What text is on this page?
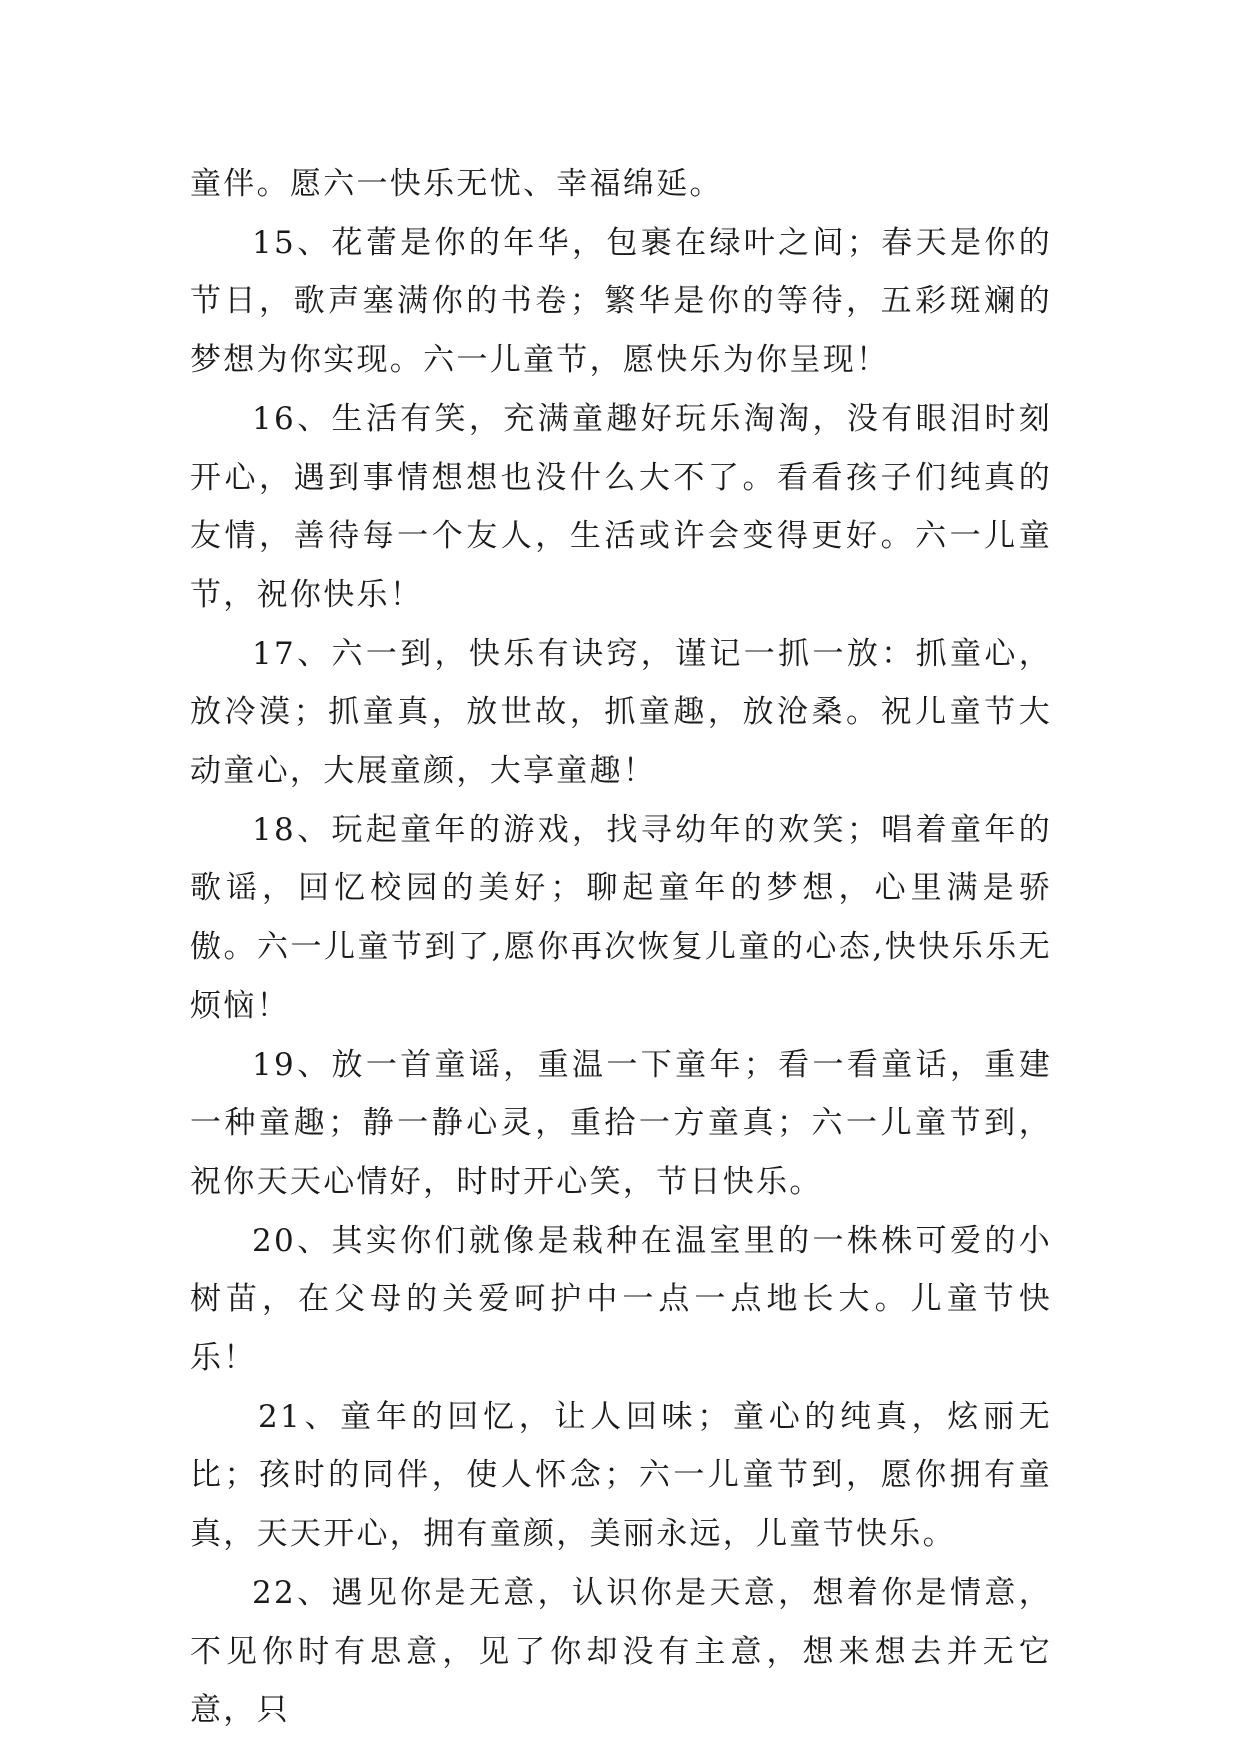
童伴。愿六一快乐无忧、幸福绵延。

15、花蕾是你的年华，包裹在绿叶之间；春天是你的节日，歌声塞满你的书卷；繁华是你的等待，五彩斑斓的梦想为你实现。六一儿童节，愿快乐为你呈现！

16、生活有笑，充满童趣好玩乐淘淘，没有眼泪时刻开心，遇到事情想想也没什么大不了。看看孩子们纯真的友情，善待每一个友人，生活或许会变得更好。六一儿童节，祝你快乐！

17、六一到，快乐有诀窍，谨记一抓一放：抓童心，放冷漠；抓童真，放世故，抓童趣，放沧桑。祝儿童节大动童心，大展童颜，大享童趣！

18、玩起童年的游戏，找寻幼年的欢笑；唱着童年的歌谣，回忆校园的美好；聊起童年的梦想，心里满是骄傲。六一儿童节到了,愿你再次恢复儿童的心态,快快乐乐无烦恼！

19、放一首童谣，重温一下童年；看一看童话，重建一种童趣；静一静心灵，重拾一方童真；六一儿童节到，祝你天天心情好，时时开心笑，节日快乐。

20、其实你们就像是栽种在温室里的一株株可爱的小树苗，在父母的关爱呵护中一点一点地长大。儿童节快乐！

21、童年的回忆，让人回味；童心的纯真，炫丽无比；孩时的同伴，使人怀念；六一儿童节到，愿你拥有童真，天天开心，拥有童颜，美丽永远，儿童节快乐。

22、遇见你是无意，认识你是天意，想着你是情意，不见你时有思意，见了你却没有主意，想来想去并无它意，只
